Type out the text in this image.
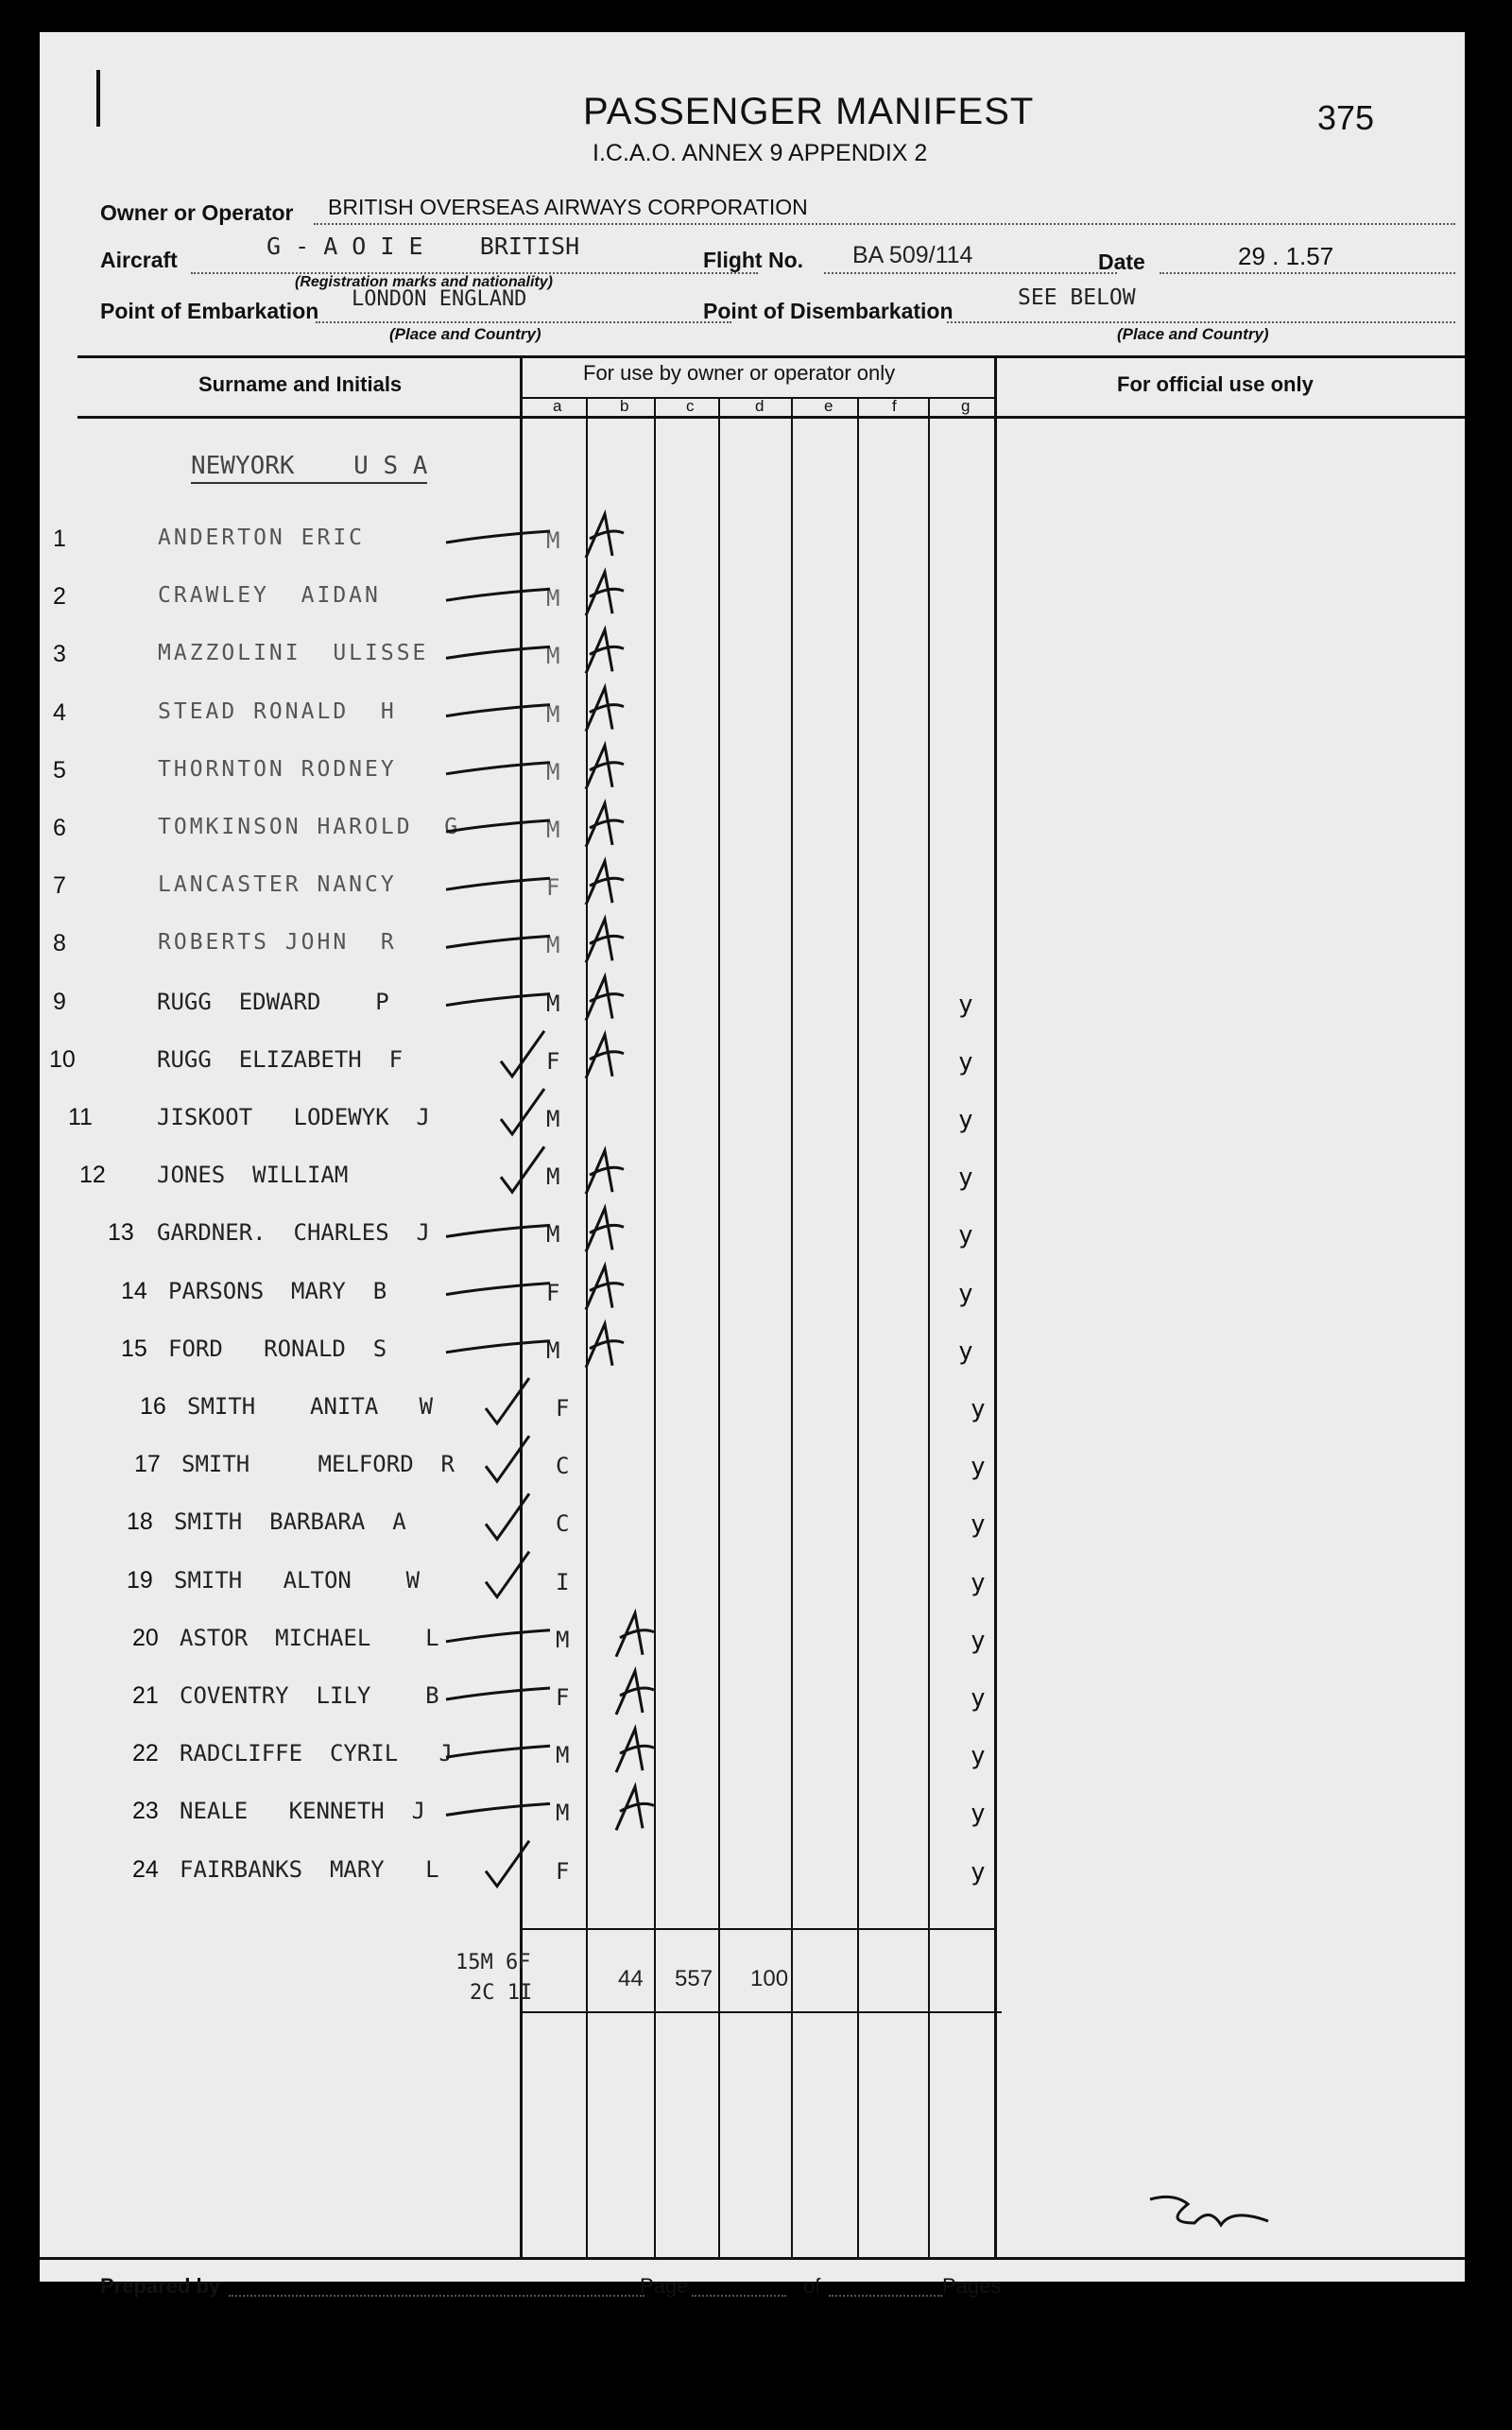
PASSENGER MANIFEST
I.C.A.O. ANNEX 9 APPENDIX 2
375
Owner or Operator BRITISH OVERSEAS AIRWAYS CORPORATION
Aircraft	G - A O I E    BRITISH
(Registration marks and nationality)
Flight No. BA 509/114	Date	29 . 1.57
Point of Embarkation LONDON ENGLAND
(Place and Country)
Point of Disembarkation
SEE BELOW
(Place and Country)
Surname and Initials	For use by owner or operator only	For official use only
a	b	c	d	e	f	g
NEWYORK    U S A
1	ANDERTON ERIC	M
2	CRAWLEY  AIDAN	M
3	MAZZOLINI  ULISSE	M
4	STEAD RONALD  H	M
5	THORNTON RODNEY	M
6	TOMKINSON HAROLD  G	M
7	LANCASTER NANCY	F
8	ROBERTS JOHN  R	M
9	RUGG  EDWARD    P	M	y
10	RUGG  ELIZABETH  F	F	y
11	JISKOOT   LODEWYK  J	M	y
12	JONES  WILLIAM	M	y
13	GARDNER.  CHARLES  J	M	y
14 PARSONS  MARY  B	F	y
15 FORD   RONALD  S	M	y
16 SMITH    ANITA   W	F	y
17 SMITH     MELFORD  R	C	y
18 SMITH  BARBARA  A	C	y
19 SMITH   ALTON    W	I	y
20 ASTOR  MICHAEL    L	M	y
21 COVENTRY  LILY    B	F	y
22 RADCLIFFE  CYRIL   J	M	y
23 NEALE   KENNETH  J	M	y
24 FAIRBANKS  MARY   L	F	y
15M 6F
2C 1I
44 557 100
Prepared by	Page	of	Pages
